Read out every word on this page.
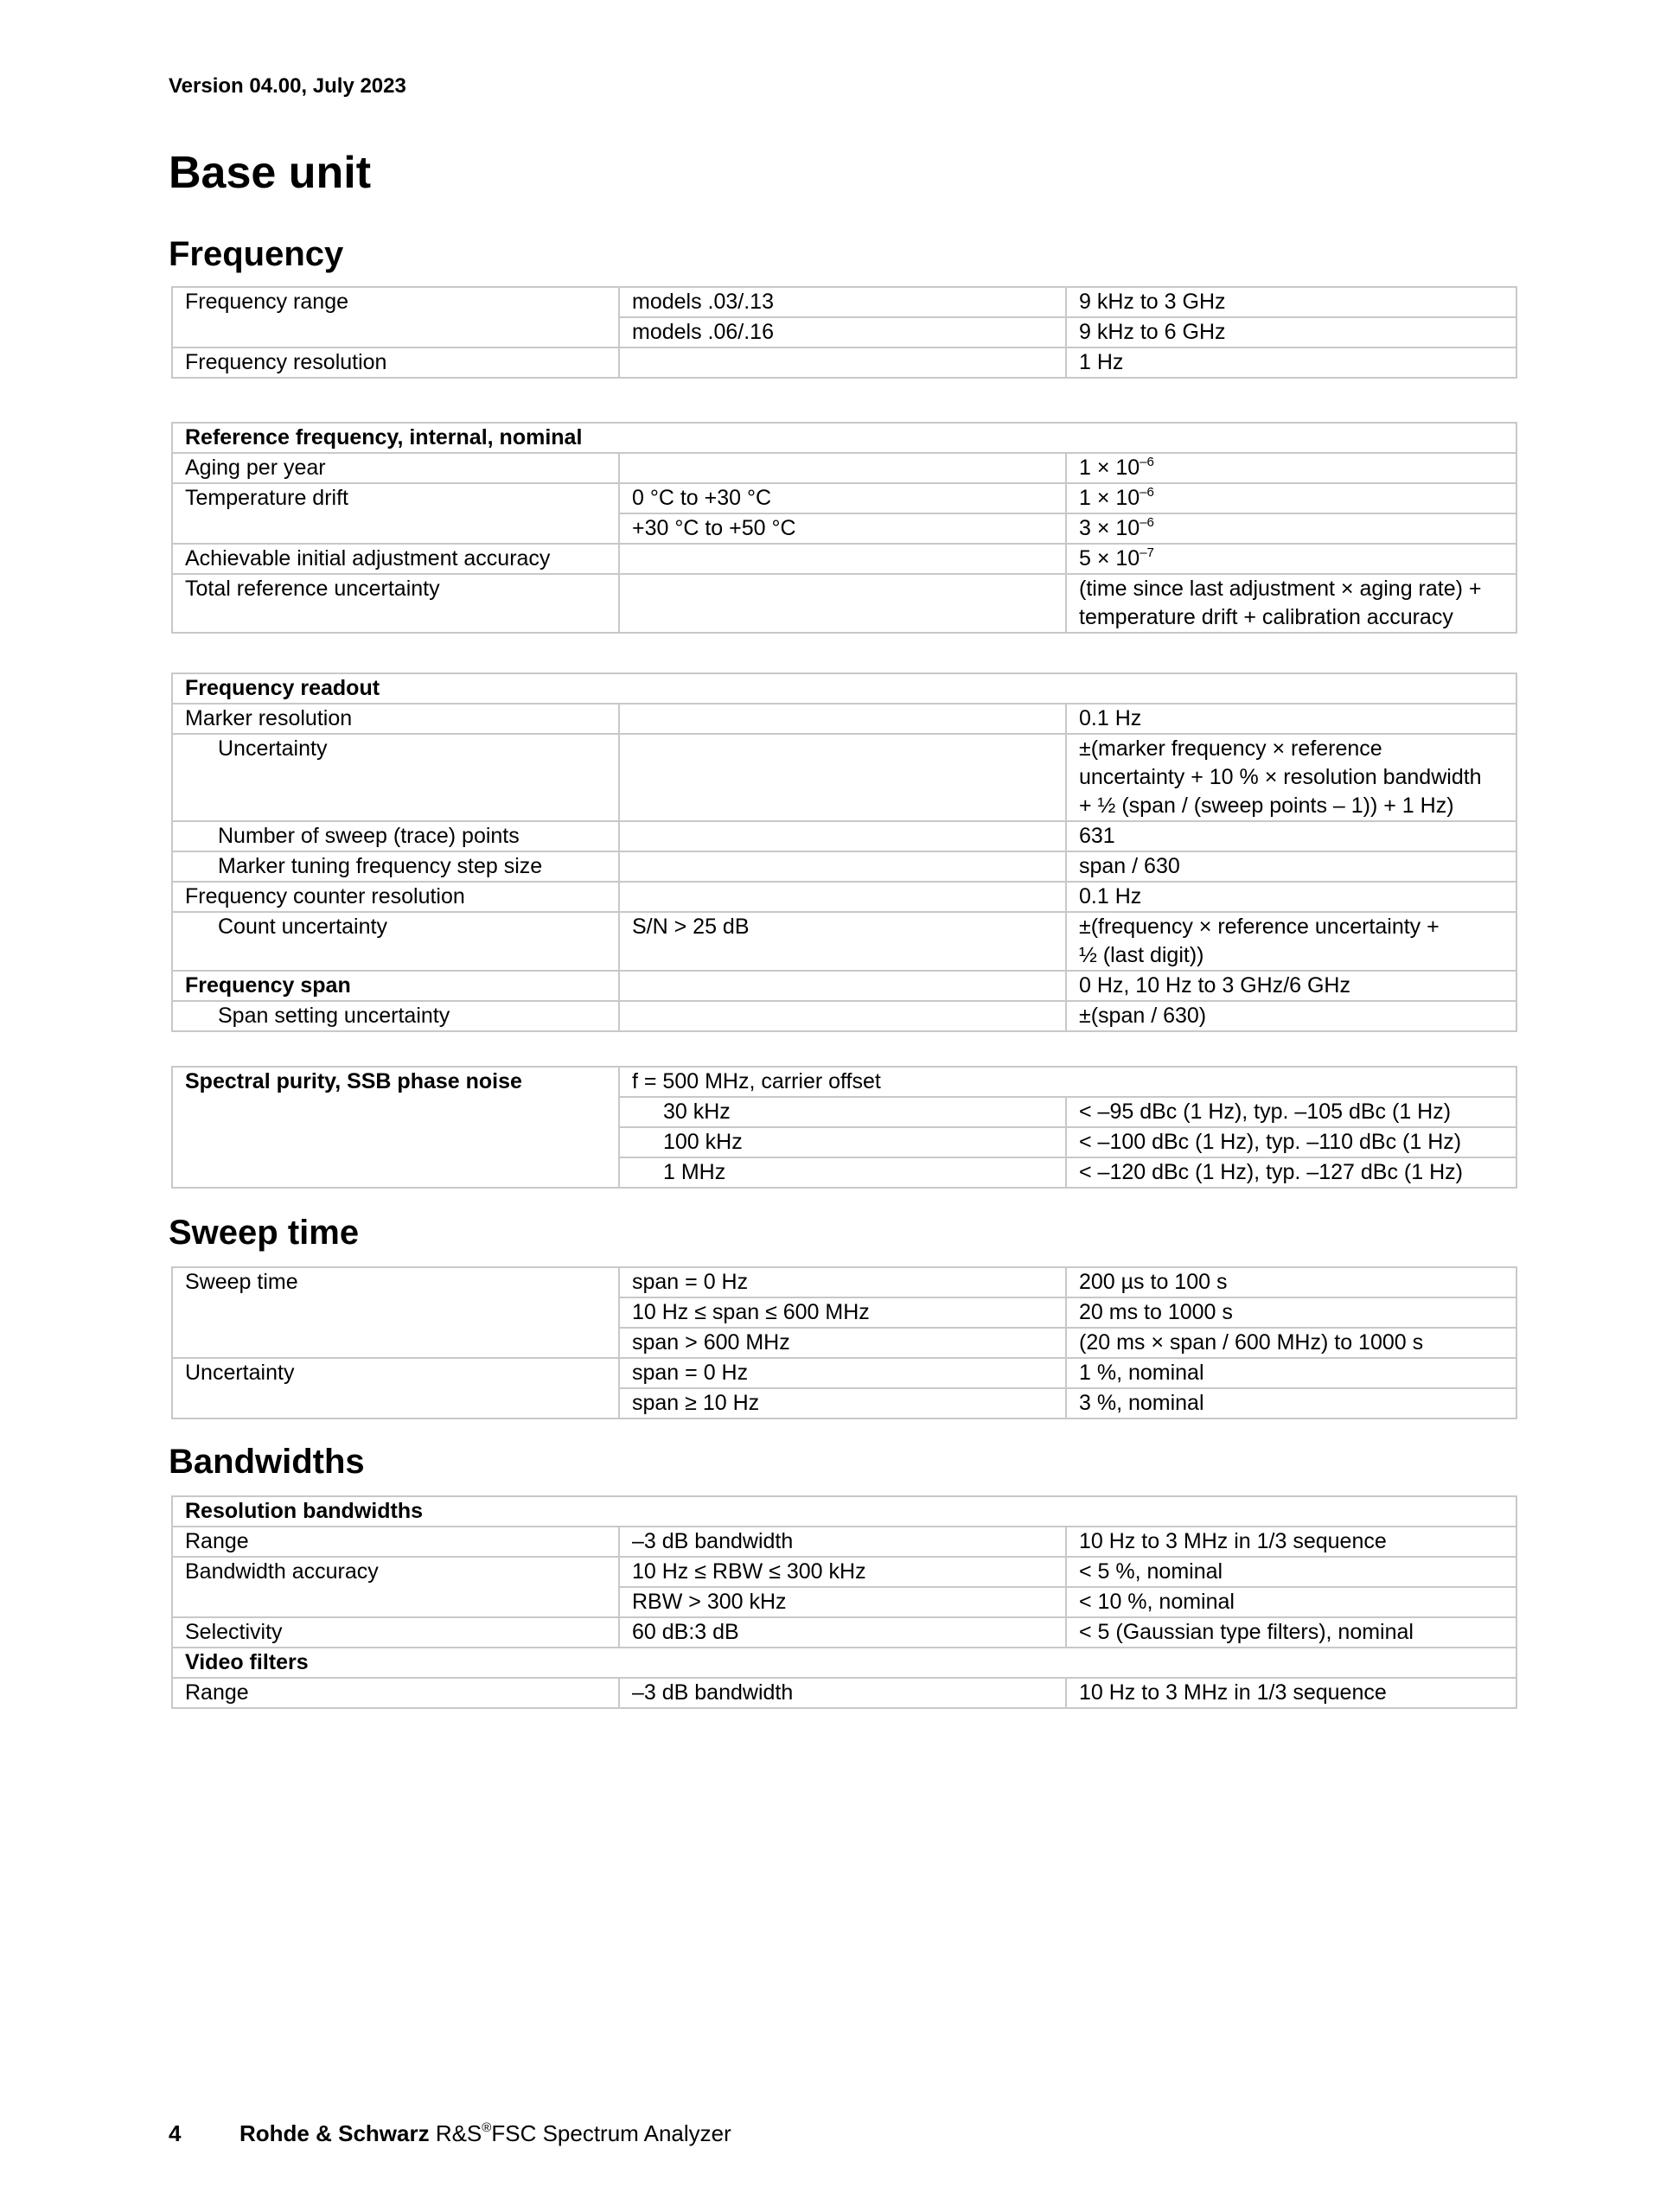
Version 04.00, July 2023
Base unit
Frequency
Frequency range	models .03/.13	9 kHz to 3 GHz
	models .06/.16	9 kHz to 6 GHz
Frequency resolution		1 Hz
Reference frequency, internal, nominal		
Aging per year		$1 \times 10^{-6}$
Temperature drift	0 °C to +30 °C	$1 \times 10^{-6}$
	+30 °C to +50 °C	$3 \times 10^{-6}$
Achievable initial adjustment accuracy		$5 \times 10^{-7}$
Total reference uncertainty		(time since last adjustment × aging rate) +
temperature drift + calibration accuracy
Frequency readout		
Marker resolution		0.1 Hz
Uncertainty		±(marker frequency × reference
uncertainty + 10 % × resolution bandwidth
+ ½ (span / (sweep points – 1)) + 1 Hz)

Number of sweep (trace) points		631
Marker tuning frequency step size		span / 630
Frequency counter resolution		0.1 Hz
Count uncertainty	S/N > 25 dB	±(frequency × reference uncertainty +
½ (last digit))

Frequency span		0 Hz, 10 Hz to 3 GHz/6 GHz
Span setting uncertainty		±(span / 630)
Spectral purity, SSB phase noise	f = 500 MHz, carrier offset	
	30 kHz	< –95 dBc (1 Hz), typ. –105 dBc (1 Hz)
	100 kHz	< –100 dBc (1 Hz), typ. –110 dBc (1 Hz)
	1 MHz	< –120 dBc (1 Hz), typ. –127 dBc (1 Hz)
Sweep time
Sweep time	span = 0 Hz	200 µs to 100 s
	10 Hz ≤ span ≤ 600 MHz	20 ms to 1000 s
	span > 600 MHz	(20 ms × span / 600 MHz) to 1000 s
Uncertainty	span = 0 Hz	1 %, nominal
	span ≥ 10 Hz	3 %, nominal
Bandwidths
Resolution bandwidths		
Range	–3 dB bandwidth	10 Hz to 3 MHz in 1/3 sequence
Bandwidth accuracy	10 Hz ≤ RBW ≤ 300 kHz	< 5 %, nominal
	RBW > 300 kHz	< 10 %, nominal
Selectivity	60 dB:3 dB	< 5 (Gaussian type filters), nominal
Video filters		
Range	–3 dB bandwidth	10 Hz to 3 MHz in 1/3 sequence
4	Rohde & Schwarz R&S®FSC Spectrum Analyzer
